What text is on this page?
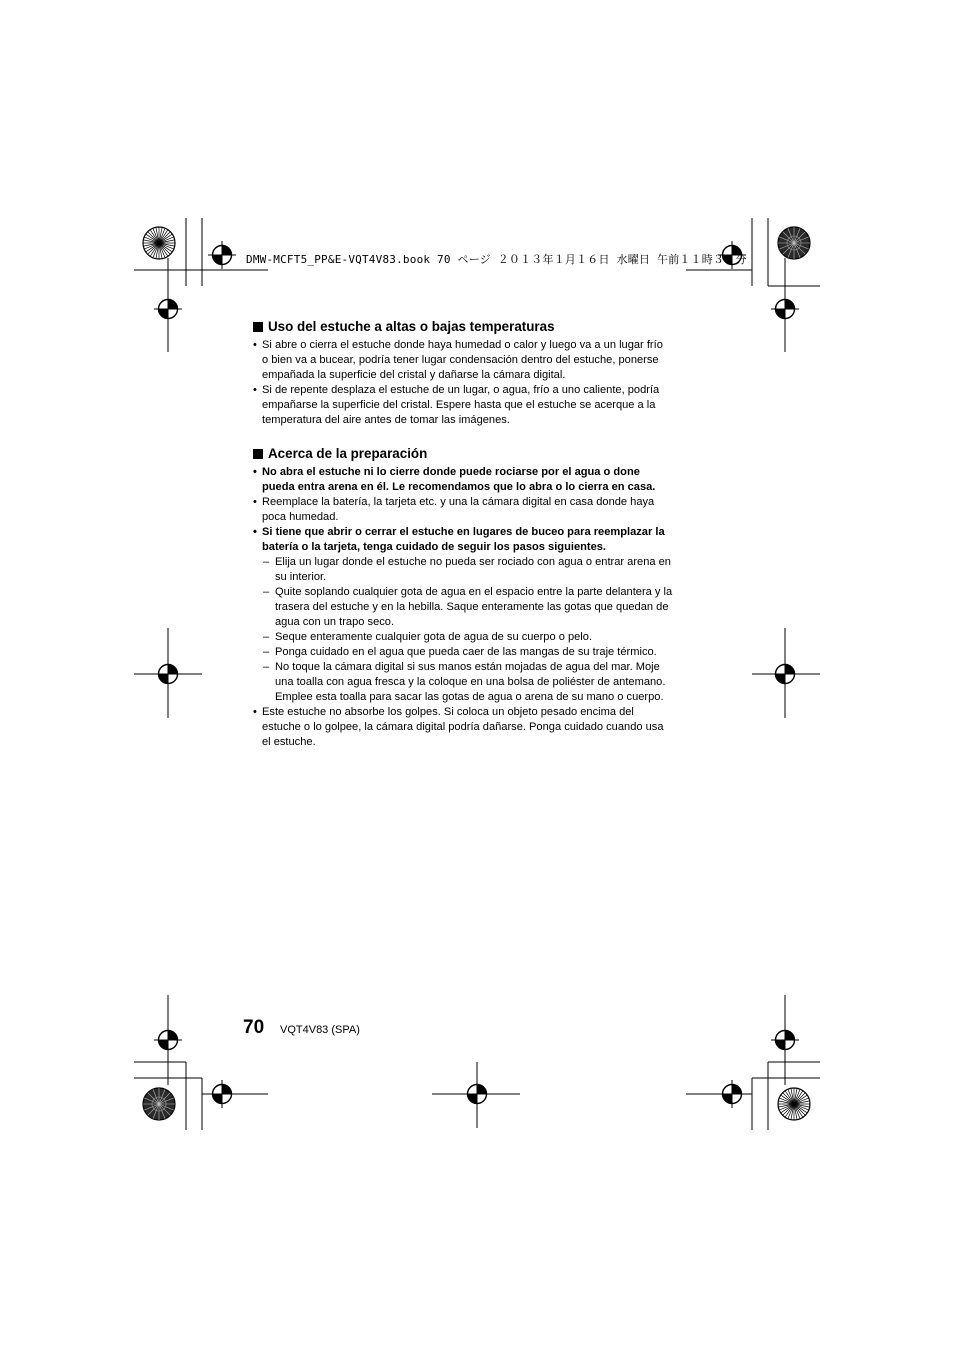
DMW-MCFT5_PP&E-VQT4V83.book 70 ページ ２０１３年１月１６日 水曜日 午前１１時３５分
Uso del estuche a altas o bajas temperaturas
• Si abre o cierra el estuche donde haya humedad o calor y luego va a un lugar frío
o bien va a bucear, podría tener lugar condensación dentro del estuche, ponerse
empañada la superficie del cristal y dañarse la cámara digital.
• Si de repente desplaza el estuche de un lugar, o agua, frío a uno caliente, podría
empañarse la superficie del cristal. Espere hasta que el estuche se acerque a la
temperatura del aire antes de tomar las imágenes.
Acerca de la preparación
• No abra el estuche ni lo cierre donde puede rociarse por el agua o done
pueda entra arena en él. Le recomendamos que lo abra o lo cierra en casa.
• Reemplace la batería, la tarjeta etc. y una la cámara digital en casa donde haya
poca humedad.
• Si tiene que abrir o cerrar el estuche en lugares de buceo para reemplazar la
batería o la tarjeta, tenga cuidado de seguir los pasos siguientes.
– Elija un lugar donde el estuche no pueda ser rociado con agua o entrar arena en
su interior.
– Quite soplando cualquier gota de agua en el espacio entre la parte delantera y la
trasera del estuche y en la hebilla. Saque enteramente las gotas que quedan de
agua con un trapo seco.
– Seque enteramente cualquier gota de agua de su cuerpo o pelo.
– Ponga cuidado en el agua que pueda caer de las mangas de su traje térmico.
– No toque la cámara digital si sus manos están mojadas de agua del mar. Moje
una toalla con agua fresca y la coloque en una bolsa de poliéster de antemano.
Emplee esta toalla para sacar las gotas de agua o arena de su mano o cuerpo.
• Este estuche no absorbe los golpes. Si coloca un objeto pesado encima del
estuche o lo golpee, la cámara digital podría dañarse. Ponga cuidado cuando usa
el estuche.
70 VQT4V83 (SPA)
